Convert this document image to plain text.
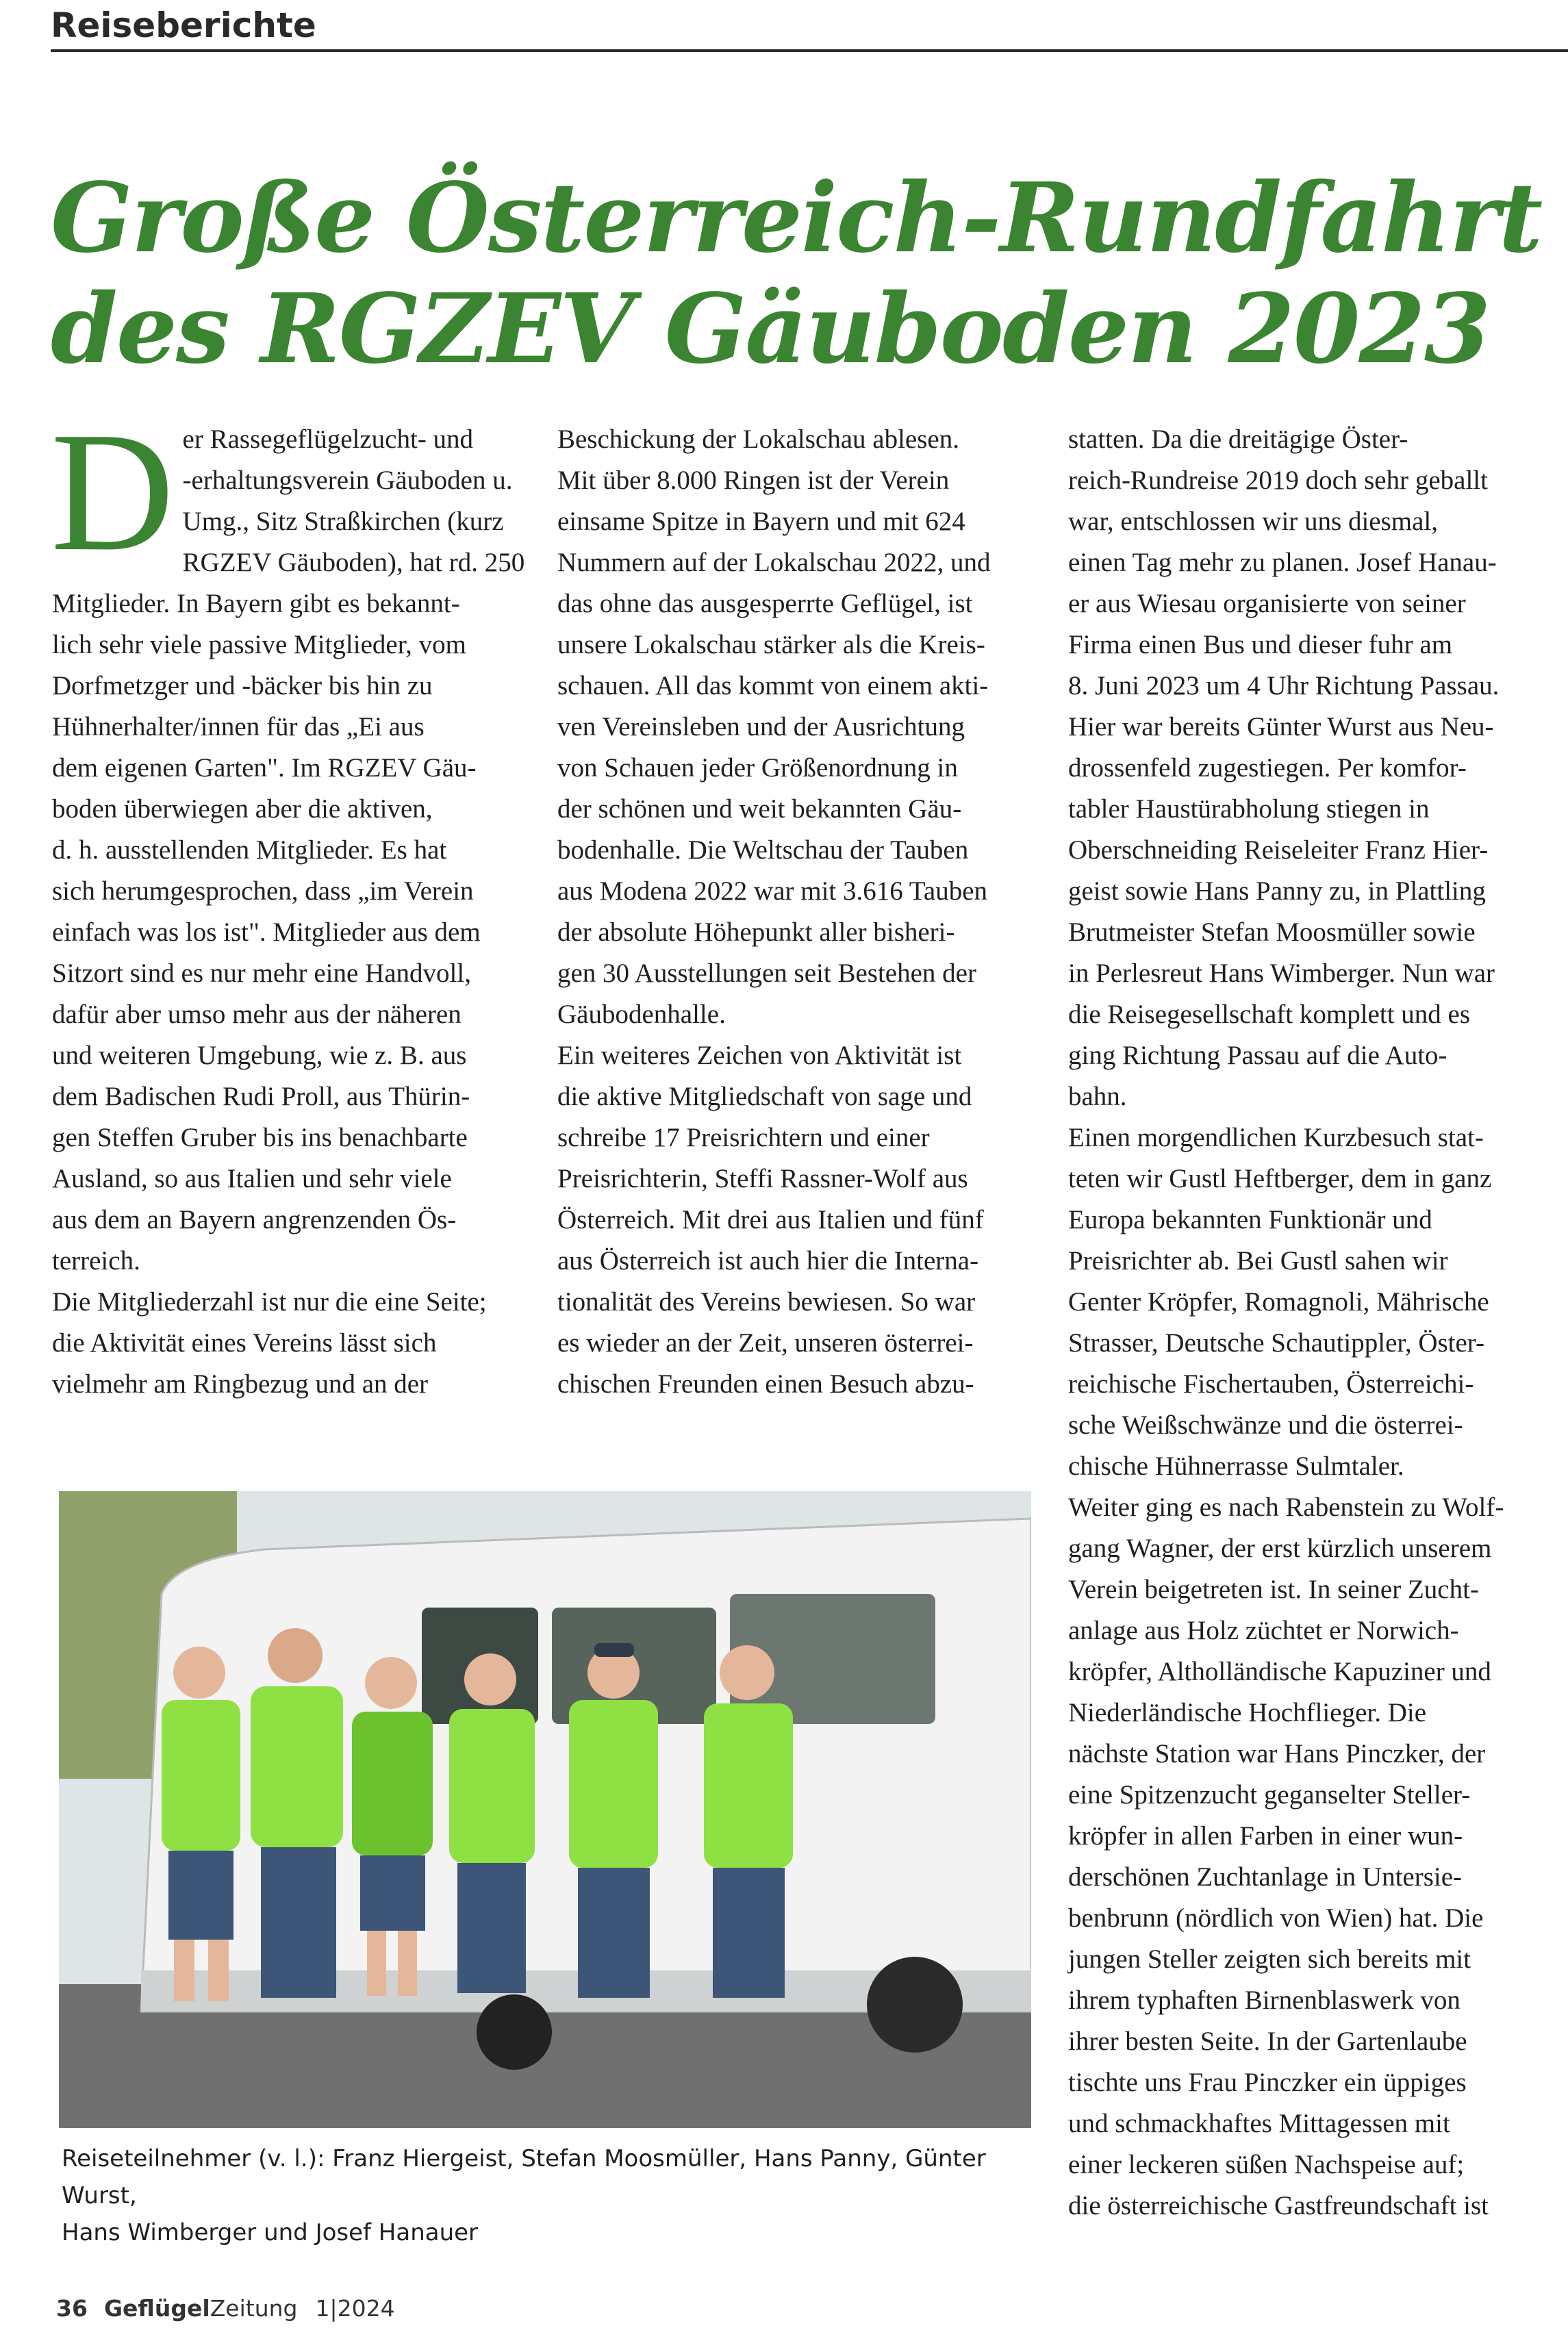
Reiseberichte
Große Österreich-Rundfahrt
des RGZEV Gäuboden 2023
D er Rassegeflügelzucht- und

-erhaltungsverein Gäuboden u.

Umg., Sitz Straßkirchen (kurz

RGZEV Gäuboden), hat rd. 250

Mitglieder. In Bayern gibt es bekannt-

lich sehr viele passive Mitglieder, vom

Dorfmetzger und -bäcker bis hin zu

Hühnerhalter/innen für das „Ei aus

dem eigenen Garten". Im RGZEV Gäu-

boden überwiegen aber die aktiven,

d. h. ausstellenden Mitglieder. Es hat

sich herumgesprochen, dass „im Verein

einfach was los ist". Mitglieder aus dem

Sitzort sind es nur mehr eine Handvoll,

dafür aber umso mehr aus der näheren

und weiteren Umgebung, wie z. B. aus

dem Badischen Rudi Proll, aus Thürin-

gen Steffen Gruber bis ins benachbarte

Ausland, so aus Italien und sehr viele

aus dem an Bayern angrenzenden Ös-

terreich.

Die Mitgliederzahl ist nur die eine Seite;

die Aktivität eines Vereins lässt sich

vielmehr am Ringbezug und an der

Beschickung der Lokalschau ablesen.

Mit über 8.000 Ringen ist der Verein

einsame Spitze in Bayern und mit 624

Nummern auf der Lokalschau 2022, und

das ohne das ausgesperrte Geflügel, ist

unsere Lokalschau stärker als die Kreis-

schauen. All das kommt von einem akti-

ven Vereinsleben und der Ausrichtung

von Schauen jeder Größenordnung in

der schönen und weit bekannten Gäu-

bodenhalle. Die Weltschau der Tauben

aus Modena 2022 war mit 3.616 Tauben

der absolute Höhepunkt aller bisheri-

gen 30 Ausstellungen seit Bestehen der

Gäubodenhalle.

Ein weiteres Zeichen von Aktivität ist

die aktive Mitgliedschaft von sage und

schreibe 17 Preisrichtern und einer

Preisrichterin, Steffi Rassner-Wolf aus

Österreich. Mit drei aus Italien und fünf

aus Österreich ist auch hier die Interna-

tionalität des Vereins bewiesen. So war

es wieder an der Zeit, unseren österrei-

chischen Freunden einen Besuch abzu-

statten. Da die dreitägige Öster-

reich-Rundreise 2019 doch sehr geballt

war, entschlossen wir uns diesmal,

einen Tag mehr zu planen. Josef Hanau-

er aus Wiesau organisierte von seiner

Firma einen Bus und dieser fuhr am

8. Juni 2023 um 4 Uhr Richtung Passau.

Hier war bereits Günter Wurst aus Neu-

drossenfeld zugestiegen. Per komfor-

tabler Haustürabholung stiegen in

Oberschneiding Reiseleiter Franz Hier-

geist sowie Hans Panny zu, in Plattling

Brutmeister Stefan Moosmüller sowie

in Perlesreut Hans Wimberger. Nun war

die Reisegesellschaft komplett und es

ging Richtung Passau auf die Auto-

bahn.

Einen morgendlichen Kurzbesuch stat-

teten wir Gustl Heftberger, dem in ganz

Europa bekannten Funktionär und

Preisrichter ab. Bei Gustl sahen wir

Genter Kröpfer, Romagnoli, Mährische

Strasser, Deutsche Schautippler, Öster-

reichische Fischertauben, Österreichi-

sche Weißschwänze und die österrei-

chische Hühnerrasse Sulmtaler.

Weiter ging es nach Rabenstein zu Wolf-

gang Wagner, der erst kürzlich unserem

Verein beigetreten ist. In seiner Zucht-

anlage aus Holz züchtet er Norwich-

kröpfer, Altholländische Kapuziner und

Niederländische Hochflieger. Die

nächste Station war Hans Pinczker, der

eine Spitzenzucht geganselter Steller-

kröpfer in allen Farben in einer wun-

derschönen Zuchtanlage in Untersie-

benbrunn (nördlich von Wien) hat. Die

jungen Steller zeigten sich bereits mit

ihrem typhaften Birnenblaswerk von

ihrer besten Seite. In der Gartenlaube

tischte uns Frau Pinczker ein üppiges

und schmackhaftes Mittagessen mit

einer leckeren süßen Nachspeise auf;

die österreichische Gastfreundschaft ist

Reiseteilnehmer (v. l.): Franz Hiergeist, Stefan Moosmüller, Hans Panny, Günter Wurst,
Hans Wimberger und Josef Hanauer
36 GeflügelZeitung 1|2024
